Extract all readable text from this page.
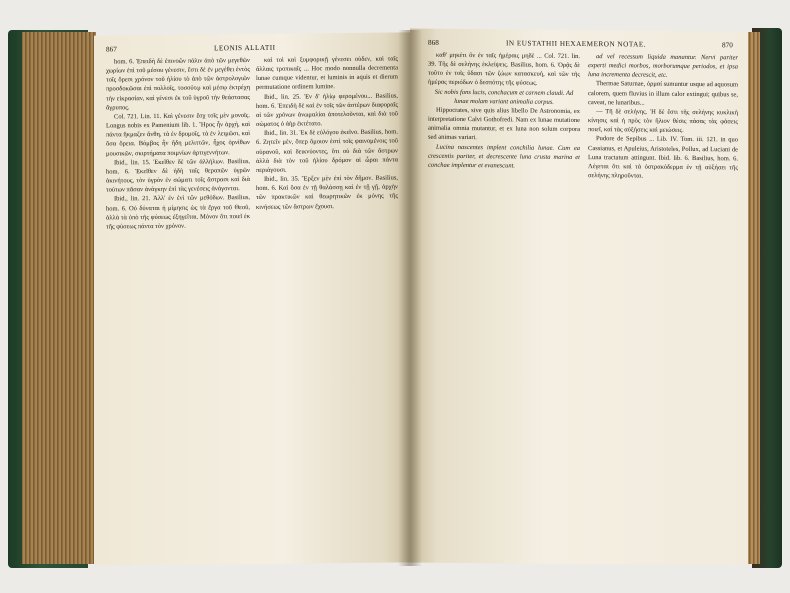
867	LEONIS ALLATII

hom. 6. Ἐπειδὴ δὲ ἐπινοῶν πάλιν ἀπὸ τῶν μεγεθῶν χωρίων ἐπὶ τοῦ μέσου γένεσιν, ἔστι δὲ ἐν μεγέθει ἐντὸς τοῖς ὅρεσι χρόνον τοῦ ἡλίου τὸ ἀπὸ τῶν ἀστρολογιῶν προσδοκῶσαι ἐπὶ πολλοῖς, τοσούτῳ καὶ μέσῳ ἐκτρέχη τὴν εἰκρασίαν, καὶ γένεσι ἐκ τοῦ ὑγροῦ τὴν θεάστασας ἄγρυπος.

Col. 721. Lin. 11. Καὶ γένεσιν ἔσχ τοῖς μὲν μονοῖς. Longus nobis ex Pamenium lib. 1. Ἤρος ἦν ἀρχή, καὶ πάντα ἤκμαζεν ἄνθη, τὰ ἐν δρυμοῖς, τὰ ἐν λειμῶσι, καὶ ὅσα ὄρεια. Βόμβος ἦν ἤδη μελιττῶν, ἦχος ὀρνίθων μουσικῶν, σκιρτήματα ποιμνίων ἀρτιγεννήτων.

Ibid., lin. 15. Ἐκεῖθεν δὲ τῶν ἀλλήλων. Basilius, hom. 6. Ἐκεῖθεν δὲ ἡδὴ ταῖς θεραπῶν ὑγρῶν ἀκινήτους, τὸν ὑγρὸν ἐν σώματι τοῖς ἄστρασι καὶ διὰ τούτων πᾶσαν ἀνάγκην ἐπὶ τὰς γενέσεις ἀνάγονται.

Ibid., lin. 21. Ἀλλ' ἐν ἑνὶ τῶν μεθόδων. Basilius, hom. 6. Οὐ δύναται ἡ μίμησις ὡς τὰ ἔργα τοῦ Θεοῦ, ἀλλὰ τὰ ὑπὸ τῆς φύσεως ἐξηγεῖται. Μόνον ὅτι ποιεῖ ἐκ τῆς φύσεως πάντα τὸν χρόνον.

καὶ τοὶ καὶ ξυμφορικῇ γένεσει οὐδεν, καὶ ταῖς ἄλλαις τροπικαῖς ... Hoc modo nonnulla decrementa lunae cumque videntur, et luminis in aquis et dierum permutatione ordinem lumine.

Ibid., lin. 25. Ἐν δ' ἡλίῳ φερομένου... Basilius, hom. 6. Ἐπειδὴ δὲ καὶ ἐν τοῖς τῶν ἀστέρων διαφοραῖς αἱ τῶν χρόνων ἀνωμαλίαι ἀποτελοῦνται, καὶ διὰ τοῦ σώματος ὁ ἀὴρ ἐκτέτατο.

Ibid., lin. 31. Ἐκ δὲ εὐλόγου ἐκεῖνο. Basilius, hom. 6. Ζητεῖν μὲν, ὅπερ ὅμοιον ἐστί τοῖς φαινομένοις τοῦ οὐρανοῦ, καὶ δεικνύοντες, ὅτι οὐ διὰ τῶν ἄστρων ἀλλὰ διὰ τὸν τοῦ ἡλίου δρόμον αἱ ὧραι πάντα περιάγουσι.

Ibid., lin. 35. Ἔρξεν μὲν ἐπὶ τὸν δῆμον. Basilius, hom. 6. Καὶ ὅσα ἐν τῇ θαλάσσῃ καὶ ἐν τῇ γῇ, ἀρχὴν τῶν πρακτικῶν καὶ θεωρητικῶν ἐκ μόνης τῆς κινήσεως τῶν ἄστρων ἔχουσι.

868	IN EUSTATHII HEXAEMERON NOTAE.	870

καθ' μηκέτι ὃν ἐν ταῖς ἡμέραις μηδὲ ... Col. 721. lin. 39. Τῆς δὲ σελήνης ἐκλείψεις. Basilius, hom. 6. Ὁρᾷς δὲ τοῦτο ἐν τοῖς ὕδασι τῶν ζώων κατασκευή, καὶ τῶν τῆς ἡμέρας περιόδων ὁ δεσπότης τῆς φύσεως.

Sic nobis fons lucis, conchacum et carnem claudi. Ad lunae molam variant animalia corpus.

Hippocrates, sive quis alius libello De Astronomia, ex interpretatione Calvi Gothofredi. Nam ex lunae mutatione animalia omnia mutantur, et ex luna non solum corpora sed animas variari.

Lucina nascentes implent conchilia lunae. Cum ea crescentis pariter, et decrescente luna crusta marina et conchae implentur et evanescunt.

ad vel recessum liquida manantur. Nervi pariter experti medici morbos, morborumque periodos, et ipsa luna incrementa decrescit, etc.

Thermae Saturnae, ὁρμαί sumuntur usque ad aquosum calorem, quem fluvius in illum calor extingui; quibus se, caveat, ne lunaribus...

— Τῆ δὲ σελήνης. Ἡ δὲ ἔστι τῆς σελήνης κυκλικὴ κίνησις καὶ ἡ πρὸς τὸν ἥλιον θέσις πάσας τὰς φάσεις ποιεῖ, καὶ τὰς αὐξήσεις καὶ μειώσεις.

Pudore de Sepibus ... Lib. IV. Tom. iii. 121. in quo Cassianus, et Apuleius, Aristoteles, Pollux, ad Luciani de Luna tractatum attingunt. Ibid. lib. 6. Basilius, hom. 6. Λέγεται ὅτι καὶ τὰ ὀστρακόδερμα ἐν τῇ αὐξήσει τῆς σελήνης πληροῦνται.
